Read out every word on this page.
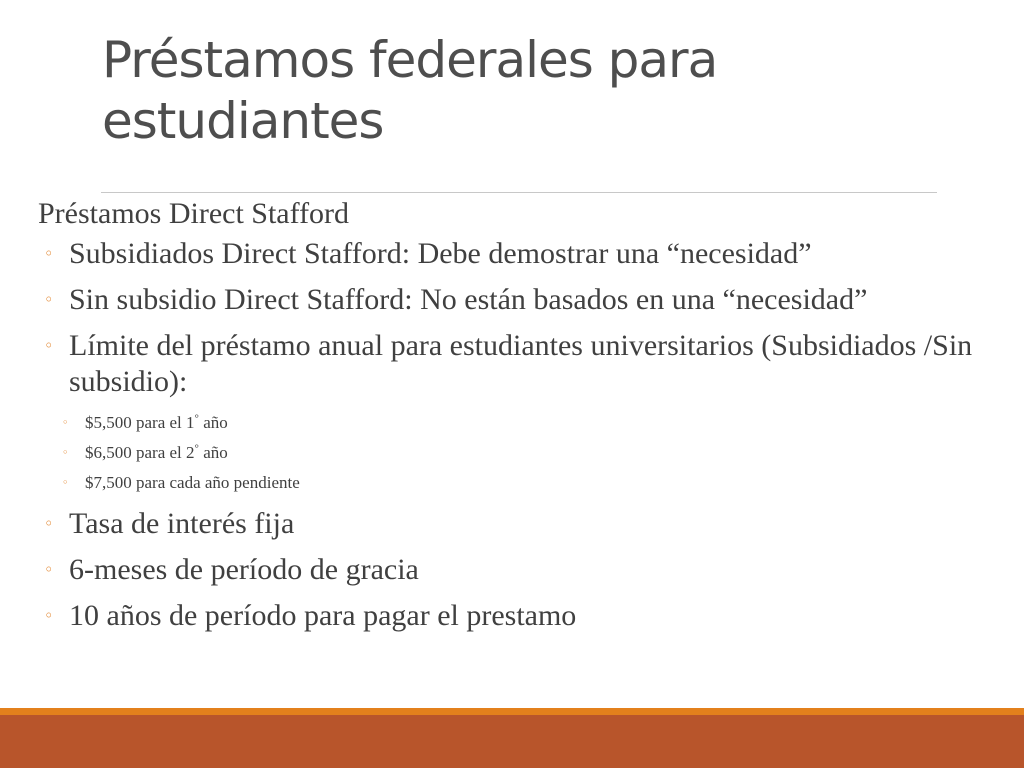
Préstamos federales para estudiantes
Préstamos Direct Stafford
◦ Subsidiados Direct Stafford: Debe demostrar una “necesidad”
◦ Sin subsidio Direct Stafford: No están basados en una “necesidad”
◦ Límite del préstamo anual para estudiantes universitarios (Subsidiados /Sin subsidio):
◦ $5,500 para el 1° año
◦ $6,500 para el 2° año
◦ $7,500 para cada año pendiente
◦ Tasa de interés fija
◦ 6-meses de período de gracia
◦ 10 años de período para pagar el prestamo
